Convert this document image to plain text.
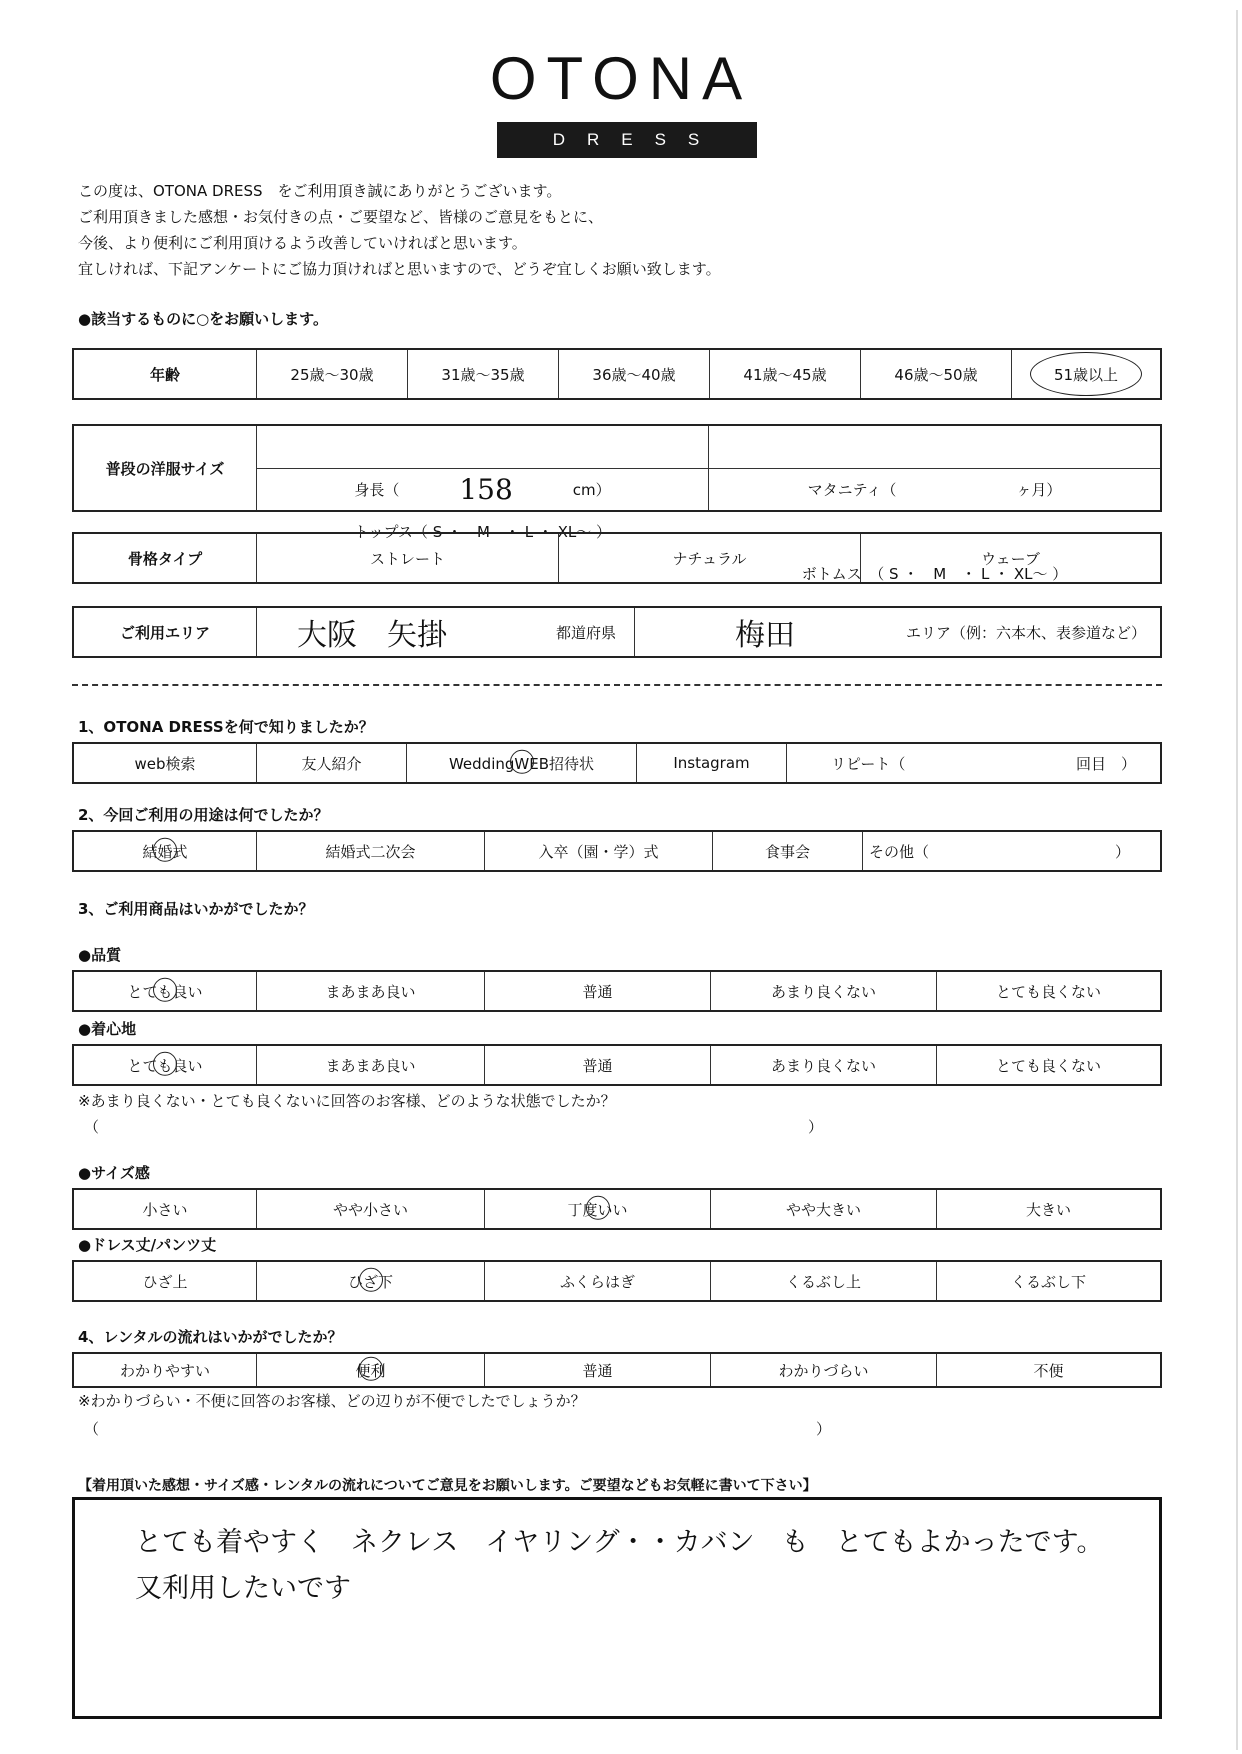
OTONA
DRESS
この度は、OTONA DRESS　をご利用頂き誠にありがとうございます。
ご利用頂きました感想・お気付きの点・ご要望など、皆様のご意見をもとに、
今後、より便利にご利用頂けるよう改善していければと思います。
宜しければ、下記アンケートにご協力頂ければと思いますので、どうぞ宜しくお願い致します。
●該当するものに○をお願いします。
年齢	25歳〜30歳	31歳〜35歳	36歳〜40歳	41歳〜45歳	46歳〜50歳	51歳以上
普段の洋服サイズ
トップス（ S ・　M　・ L ・ XL〜 ）
ボトムス　（ S ・　M　・ L ・ XL〜 ）
身長（ 158	cm）	マタニティ（	ヶ月）
骨格タイプ	ストレート	ナチュラル	ウェーブ
ご利用エリア	大阪　矢掛	都道府県	梅田	エリア（例：六本木、表参道など）
1、OTONA DRESSを何で知りましたか？
web検索	友人紹介	WeddingWEB招待状	Instagram	リピート（	回目　）
2、今回ご利用の用途は何でしたか？
結婚式	結婚式二次会	入卒（園・学）式	食事会	その他（	）
3、ご利用商品はいかがでしたか？
●品質
とても良い	まあまあ良い	普通	あまり良くない	とても良くない
●着心地
とても良い	まあまあ良い	普通	あまり良くない	とても良くない
※あまり良くない・とても良くないに回答のお客様、どのような状態でしたか？
（	）
●サイズ感
小さい	やや小さい	丁度いい	やや大きい	大きい
●ドレス丈/パンツ丈
ひざ上	ひざ下	ふくらはぎ	くるぶし上	くるぶし下
4、レンタルの流れはいかがでしたか？
わかりやすい	便利	普通	わかりづらい	不便
※わかりづらい・不便に回答のお客様、どの辺りが不便でしたでしょうか？
（	）
【着用頂いた感想・サイズ感・レンタルの流れについてご意見をお願いします。ご要望などもお気軽に書いて下さい】
とても着やすく　ネクレス　イヤリング・・カバン　も　とてもよかったです。
又利用したいです
